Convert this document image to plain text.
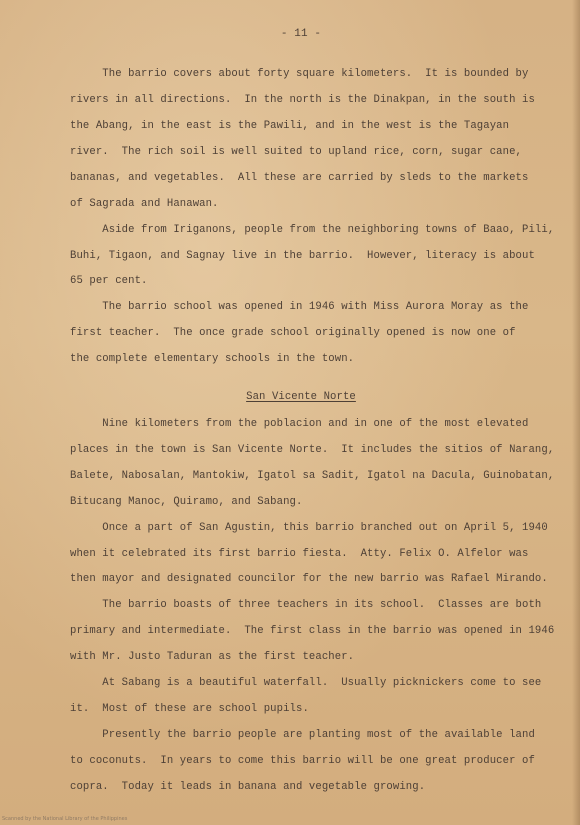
- 11 -
The barrio covers about forty square kilometers.  It is bounded by
rivers in all directions.  In the north is the Dinakpan, in the south is
the Abang, in the east is the Pawili, and in the west is the Tagayan
river.  The rich soil is well suited to upland rice, corn, sugar cane,
bananas, and vegetables.  All these are carried by sleds to the markets
of Sagrada and Hanawan.
Aside from Iriganons, people from the neighboring towns of Baao, Pili,
Buhi, Tigaon, and Sagnay live in the barrio.  However, literacy is about
65 per cent.
The barrio school was opened in 1946 with Miss Aurora Moray as the
first teacher.  The once grade school originally opened is now one of
the complete elementary schools in the town.
San Vicente Norte
Nine kilometers from the poblacion and in one of the most elevated
places in the town is San Vicente Norte.  It includes the sitios of Narang,
Balete, Nabosalan, Mantokiw, Igatol sa Sadit, Igatol na Dacula, Guinobatan,
Bitucang Manoc, Quiramo, and Sabang.
Once a part of San Agustin, this barrio branched out on April 5, 1940
when it celebrated its first barrio fiesta.  Atty. Felix O. Alfelor was
then mayor and designated councilor for the new barrio was Rafael Mirando.
The barrio boasts of three teachers in its school.  Classes are both
primary and intermediate.  The first class in the barrio was opened in 1946
with Mr. Justo Taduran as the first teacher.
At Sabang is a beautiful waterfall.  Usually picknickers come to see
it.  Most of these are school pupils.
Presently the barrio people are planting most of the available land
to coconuts.  In years to come this barrio will be one great producer of
copra.  Today it leads in banana and vegetable growing.
Scanned by the National Library of the Philippines
